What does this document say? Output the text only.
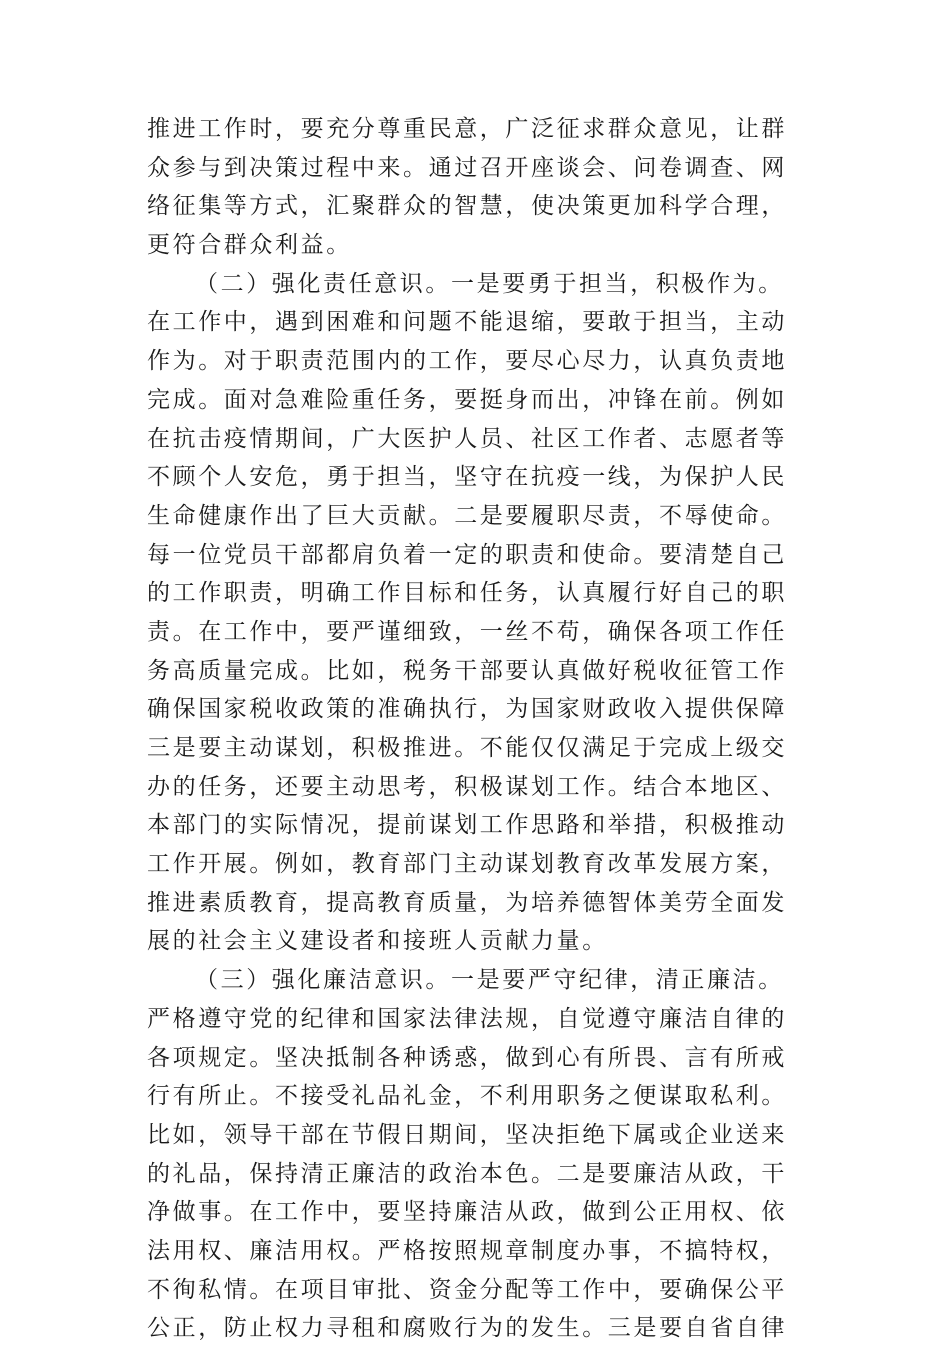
推进工作时，要充分尊重民意，广泛征求群众意见，让群
众参与到决策过程中来。通过召开座谈会、问卷调查、网
络征集等方式，汇聚群众的智慧，使决策更加科学合理，
更符合群众利益。
（二）强化责任意识。一是要勇于担当，积极作为。
在工作中，遇到困难和问题不能退缩，要敢于担当，主动
作为。对于职责范围内的工作，要尽心尽力，认真负责地
完成。面对急难险重任务，要挺身而出，冲锋在前。例如
在抗击疫情期间，广大医护人员、社区工作者、志愿者等
不顾个人安危，勇于担当，坚守在抗疫一线，为保护人民
生命健康作出了巨大贡献。二是要履职尽责，不辱使命。
每一位党员干部都肩负着一定的职责和使命。要清楚自己
的工作职责，明确工作目标和任务，认真履行好自己的职
责。在工作中，要严谨细致，一丝不苟，确保各项工作任
务高质量完成。比如，税务干部要认真做好税收征管工作
确保国家税收政策的准确执行，为国家财政收入提供保障
三是要主动谋划，积极推进。不能仅仅满足于完成上级交
办的任务，还要主动思考，积极谋划工作。结合本地区、
本部门的实际情况，提前谋划工作思路和举措，积极推动
工作开展。例如，教育部门主动谋划教育改革发展方案，
推进素质教育，提高教育质量，为培养德智体美劳全面发
展的社会主义建设者和接班人贡献力量。
（三）强化廉洁意识。一是要严守纪律，清正廉洁。
严格遵守党的纪律和国家法律法规，自觉遵守廉洁自律的
各项规定。坚决抵制各种诱惑，做到心有所畏、言有所戒
行有所止。不接受礼品礼金，不利用职务之便谋取私利。
比如，领导干部在节假日期间，坚决拒绝下属或企业送来
的礼品，保持清正廉洁的政治本色。二是要廉洁从政，干
净做事。在工作中，要坚持廉洁从政，做到公正用权、依
法用权、廉洁用权。严格按照规章制度办事，不搞特权，
不徇私情。在项目审批、资金分配等工作中，要确保公平
公正，防止权力寻租和腐败行为的发生。三是要自省自律
